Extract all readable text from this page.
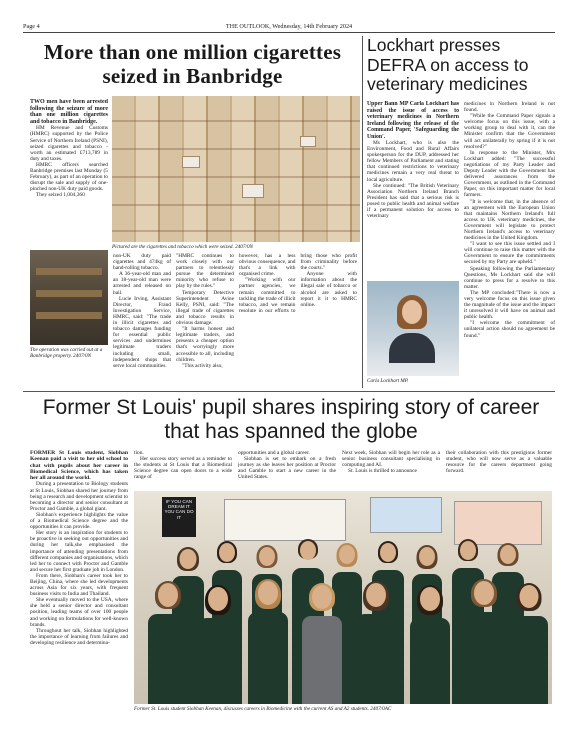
Page 4	THE OUTLOOK, Wednesday, 14th February 2024
More than one million cigarettes seized in Banbridge

TWO men have been arrested following the seizure of more than one million cigarettes and tobacco in Banbridge.

HM Revenue and Customs (HMRC) supported by the Police Service of Northern Ireland (PSNI), seized cigarettes and tobacco - worth an estimated £713,789 in duty and taxes.

HMRC officers searched Banbridge premises last Monday (5 February), as part of an operation to disrupt the sale and supply of one-pinched non-UK duty paid goods.

They seized 1,004,360

Pictured are the cigarettes and tobacco which were seized. 2407/0N

The operation was carried out at a Banbridge property. 2407/0N

non-UK duty paid cigarettes and 474kg of hand-rolling tobacco.

A 36-year-old man and an 18-year-old man were arrested and released on bail.

Lucie Irving, Assistant Director, Fraud Investigation Service, HMRC, said: "The trade in illicit cigarettes and tobacco damages funding for essential public services and undermines legitimate traders including small, independent shops that serve local communities.

"HMRC continues to work closely with our partners to relentlessly pursue the determined minority who refuse to play by the rules."

Temporary Detective Superintendent Avine Kelly, PSNI, said: "The illegal trade of cigarettes and tobacco results in obvious damage.

"It harms honest and legitimate traders, and presents a cheaper option that's worryingly more accessible to all, including children.

"This activity also,

however, has a less obvious consequence, and that's a link with organised crime.

"Working with our partner agencies, we remain committed to tackling the trade of illicit tobacco, and we remain resolute in our efforts to bring those who profit from criminality before the courts."

Anyone with information about the illegal sale of tobacco or alcohol are asked to report it it to HMRC online.

Lockhart presses DEFRA on access to veterinary medicines

Upper Bann MP Carla Lockhart has raised the issue of access to veterinary medicines in Northern Ireland following the release of the Command Paper, 'Safeguarding the Union'.

Ms Lockhart, who is also the Environment, Food and Rural Affairs spokesperson for the DUP, addressed her fellow Members of Parliament and stating that continued restrictions to veterinary medicines remain a very real threat to local agriculture.

She continued: "The British Veterinary Association Northern Ireland Branch President has said that a serious risk is posed to public health and animal welfare if a permanent solution for access to veterinary

Carla Lockhart MP.

medicines in Northern Ireland is not found.

"While the Command Paper signals a welcome focus on this issue, with a working group to deal with it, can the Minister confirm that the Government will act unilaterally by spring if it is not resolved?"

In response to the Minister, Mrs Lockhart added: "The successful negotiations of my Party Leader and Deputy Leader with the Government has delivered assurances from the Government, as outlined in the Command Paper, on this important matter for local farmers.

"It is welcome that, in the absence of an agreement with the European Union that maintains Northern Ireland's full access to UK veterinary medicines, the Government will legislate to protect Northern Ireland's access to veterinary medicines in the United Kingdom.

"I want to see this issue settled and I will continue to raise this matter with the Government to ensure the commitments secured by my Party are upheld."

Speaking following the Parliamentary Questions, Ms Lockhart said she will continue to press for a resolve to this matter.

The MP concluded:"There is now a very welcome focus on this issue given the magnitude of the issue and the impact it unresolved it will have on animal and public health.

"I welcome the commitment of unilateral action should no agreement be found."

Former St Louis' pupil shares inspiring story of career that has spanned the globe

FORMER St Louis student, Siobhan Keenan paid a visit to her old school to chat with pupils about her career in Biomedical Science, which has taken her all around the world.

During a presentation to Biology students at St Louis, Siobhan shared her journey from being a research and development scientist to becoming a director and senior consultant at Proctor and Gamble, a global giant.

Siobhan's experience highlights the value of a Biomedical Science degree and the opportunities it can provide.

Her story is an inspiration for students to be proactive in seeking out opportunities and during her talk,she emphasised the importance of attending presentations from different companies and organisations, which led her to connect with Proctor and Gamble and secure her first graduate job in London.

From there, Siobhan's career took her to Beijing, China, where she led developments across Asia for six years, with frequent business visits to India and Thailand.

She eventually moved to the USA, where she held a senior director and consultant position, leading teams of over 100 people and working on formulations for well-known brands.

Throughout her talk, Siobhan highlighted the importance of learning from failures and developing resilience and determina-

tion.

Her success story served as a reminder to the students at St Louis that a Biomedical Science degree can open doors to a wide range of

opportunities and a global career.

Siobhan is set to embark on a fresh journey as she leaves her position at Proctor and Gamble to start a new career in the United States.

Next week, Siobhan will begin her role as a senior business consultant specialising in computing and AI.

St. Louis is thrilled to announce

their collaboration with this prestigious former student, who will now serve as a valuable resource for the careers department going forward.

IF YOU CAN DREAM IT YOU CAN DO IT

Former St. Louis student Siobhan Keenan, discusses careers in Biomedicine with the current AS and A2 students. 2407/0AC
